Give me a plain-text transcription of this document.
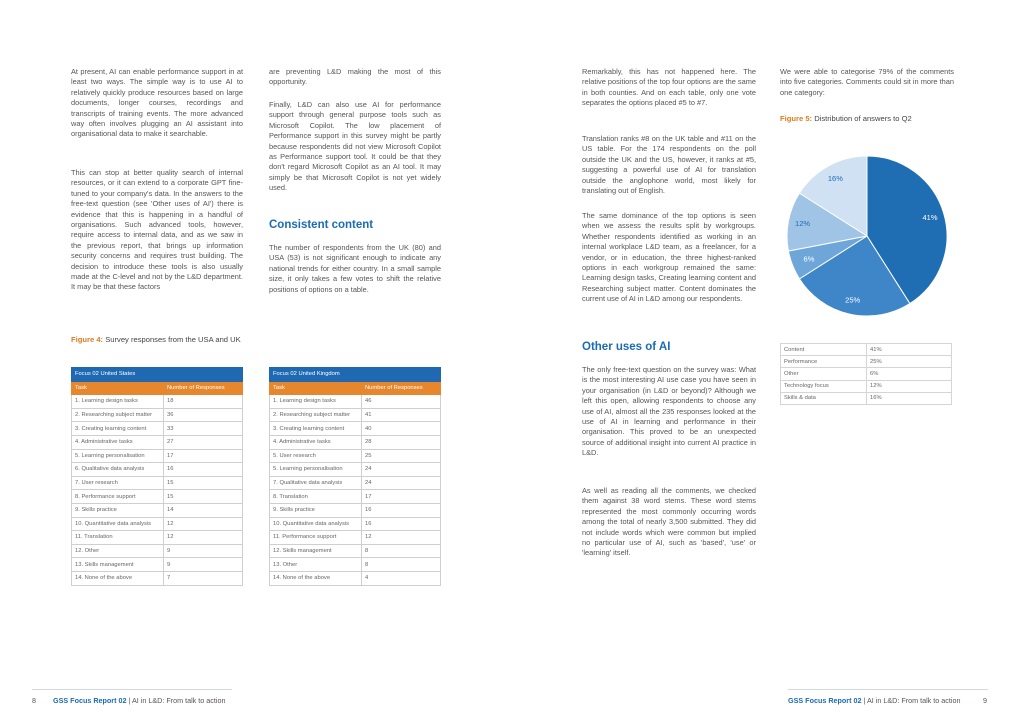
At present, AI can enable performance support in at least two ways. The simple way is to use AI to relatively quickly produce resources based on large documents, longer courses, recordings and transcripts of training events. The more advanced way often involves plugging an AI assistant into organisational data to make it searchable.

This can stop at better quality search of internal resources, or it can extend to a corporate GPT fine-tuned to your company's data. In the answers to the free-text question (see 'Other uses of AI') there is evidence that this is happening in a handful of organisations. Such advanced tools, however, require access to internal data, and as we saw in the previous report, that brings up information security concerns and requires trust building. The decision to introduce these tools is also usually made at the C-level and not by the L&D department. It may be that these factors

are preventing L&D making the most of this opportunity.

Finally, L&D can also use AI for performance support through general purpose tools such as Microsoft Copilot. The low placement of Performance support in this survey might be partly because respondents did not view Microsoft Copilot as Performance support tool. It could be that they don't regard Microsoft Copilot as an AI tool. It may simply be that Microsoft Copilot is not yet widely used.

Consistent content

The number of respondents from the UK (80) and USA (53) is not significant enough to indicate any national trends for either country. In a small sample size, it only takes a few votes to shift the relative positions of options on a table.

Figure 4: Survey responses from the USA and UK
Focus 02 United States	
Task	Number of Responses
1. Learning design tasks	18
2. Researching subject matter	36
3. Creating learning content	33
4. Administrative tasks	27
5. Learning personalisation	17
6. Qualitative data analysis	16
7. User research	15
8. Performance support	15
9. Skills practice	14
10. Quantitative data analysis	12
11. Translation	12
12. Other	9
13. Skills management	9
14. None of the above	7
Focus 02 United Kingdom	
Task	Number of Responses
1. Learning design tasks	46
2. Researching subject matter	41
3. Creating learning content	40
4. Administrative tasks	28
5. User research	25
5. Learning personalisation	24
7. Qualitative data analysis	24
8. Translation	17
9. Skills practice	16
10. Quantitative data analysis	16
11. Performance support	12
12. Skills management	8
13. Other	8
14. None of the above	4
8 GSS Focus Report 02 | AI in L&D: From talk to action

Remarkably, this has not happened here. The relative positions of the top four options are the same in both counties. And on each table, only one vote separates the options placed #5 to #7.

Translation ranks #8 on the UK table and #11 on the US table. For the 174 respondents on the poll outside the UK and the US, however, it ranks at #5, suggesting a powerful use of AI for translation outside the anglophone world, most likely for translating out of English.

The same dominance of the top options is seen when we assess the results split by workgroups. Whether respondents identified as working in an internal workplace L&D team, as a freelancer, for a vendor, or in education, the three highest-ranked options in each workgroup remained the same: Learning design tasks, Creating learning content and Researching subject matter. Content dominates the current use of AI in L&D among our respondents.

Other uses of AI

The only free-text question on the survey was: What is the most interesting AI use case you have seen in your organisation (in L&D or beyond)? Although we left this open, allowing respondents to choose any use of AI, almost all the 235 responses looked at the use of AI in learning and performance in their organisation. This proved to be an unexpected source of additional insight into current AI practice in L&D.

As well as reading all the comments, we checked them against 38 word stems. These word stems represented the most commonly occurring words among the total of nearly 3,500 submitted. They did not include words which were common but implied no particular use of AI, such as 'based', 'use' or 'learning' itself.

We were able to categorise 79% of the comments into five categories. Comments could sit in more than one category:

Figure 5: Distribution of answers to Q2
41%
25%
6%
12%
16%
Content	41%
Performance	25%
Other	6%
Technology focus	12%
Skills & data	16%
GSS Focus Report 02 | AI in L&D: From talk to action	9
